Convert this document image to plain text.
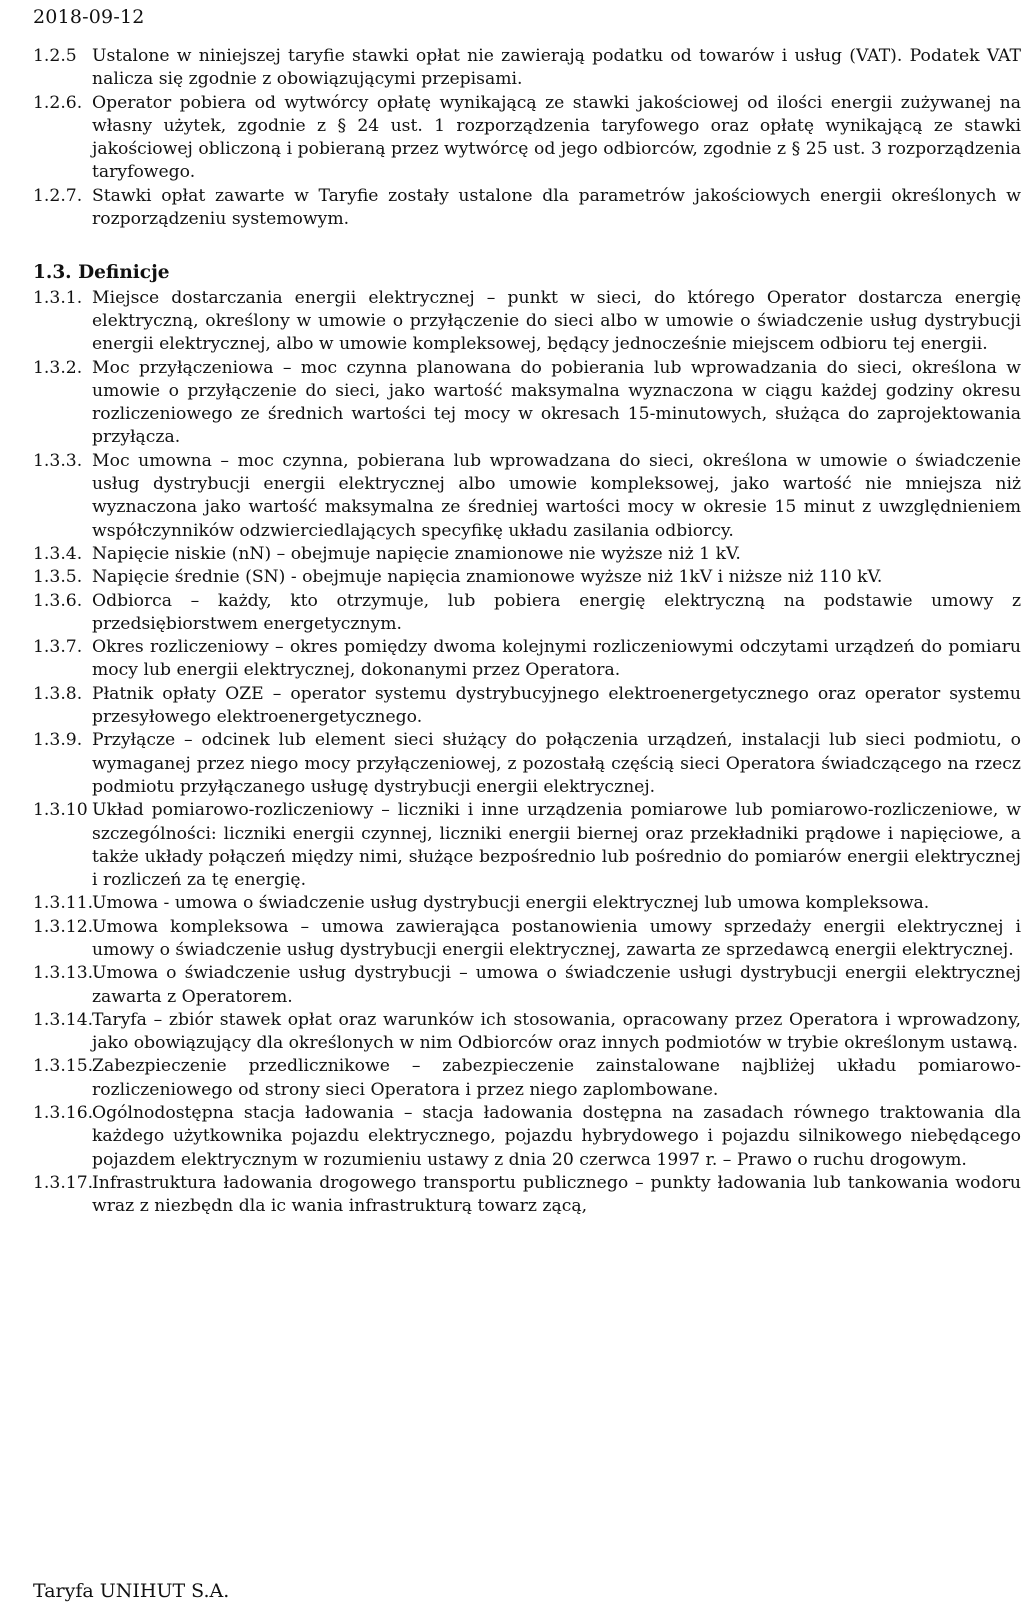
2018-09-12
1.2.5 Ustalone w niniejszej taryfie stawki opłat nie zawierają podatku od towarów i usług (VAT). Podatek VAT nalicza się zgodnie z obowiązującymi przepisami.
1.2.6. Operator pobiera od wytwórcy opłatę wynikającą ze stawki jakościowej od ilości energii zużywanej na własny użytek, zgodnie z § 24 ust. 1 rozporządzenia taryfowego oraz opłatę wynikającą ze stawki jakościowej obliczoną i pobieraną przez wytwórcę od jego odbiorców, zgodnie z § 25 ust. 3 rozporządzenia taryfowego.
1.2.7. Stawki opłat zawarte w Taryfie zostały ustalone dla parametrów jakościowych energii określonych w rozporządzeniu systemowym.
1.3. Definicje
1.3.1. Miejsce dostarczania energii elektrycznej – punkt w sieci, do którego Operator dostarcza energię elektryczną, określony w umowie o przyłączenie do sieci albo w umowie o świadczenie usług dystrybucji energii elektrycznej, albo w umowie kompleksowej, będący jednocześnie miejscem odbioru tej energii.
1.3.2. Moc przyłączeniowa – moc czynna planowana do pobierania lub wprowadzania do sieci, określona w umowie o przyłączenie do sieci, jako wartość maksymalna wyznaczona w ciągu każdej godziny okresu rozliczeniowego ze średnich wartości tej mocy w okresach 15-minutowych, służąca do zaprojektowania przyłącza.
1.3.3. Moc umowna – moc czynna, pobierana lub wprowadzana do sieci, określona w umowie o świadczenie usług dystrybucji energii elektrycznej albo umowie kompleksowej, jako wartość nie mniejsza niż wyznaczona jako wartość maksymalna ze średniej wartości mocy w okresie 15 minut z uwzględnieniem współczynników odzwierciedlających specyfikę układu zasilania odbiorcy.
1.3.4. Napięcie niskie (nN) – obejmuje napięcie znamionowe nie wyższe niż 1 kV.
1.3.5. Napięcie średnie (SN) - obejmuje napięcia znamionowe wyższe niż 1kV i niższe niż 110 kV.
1.3.6. Odbiorca – każdy, kto otrzymuje, lub pobiera energię elektryczną na podstawie umowy z przedsiębiorstwem energetycznym.
1.3.7. Okres rozliczeniowy – okres pomiędzy dwoma kolejnymi rozliczeniowymi odczytami urządzeń do pomiaru mocy lub energii elektrycznej, dokonanymi przez Operatora.
1.3.8. Płatnik opłaty OZE – operator systemu dystrybucyjnego elektroenergetycznego oraz operator systemu przesyłowego elektroenergetycznego.
1.3.9. Przyłącze – odcinek lub element sieci służący do połączenia urządzeń, instalacji lub sieci podmiotu, o wymaganej przez niego mocy przyłączeniowej, z pozostałą częścią sieci Operatora świadczącego na rzecz podmiotu przyłączanego usługę dystrybucji energii elektrycznej.
1.3.10 Układ pomiarowo-rozliczeniowy – liczniki i inne urządzenia pomiarowe lub pomiarowo-rozliczeniowe, w szczególności: liczniki energii czynnej, liczniki energii biernej oraz przekładniki prądowe i napięciowe, a także układy połączeń między nimi, służące bezpośrednio lub pośrednio do pomiarów energii elektrycznej i rozliczeń za tę energię.
1.3.11.
Umowa - umowa o świadczenie usług dystrybucji energii elektrycznej lub umowa kompleksowa.
1.3.12.
Umowa kompleksowa – umowa zawierająca postanowienia umowy sprzedaży energii elektrycznej i umowy o świadczenie usług dystrybucji energii elektrycznej, zawarta ze sprzedawcą energii elektrycznej.
1.3.13.
Umowa o świadczenie usług dystrybucji – umowa o świadczenie usługi dystrybucji energii elektrycznej zawarta z Operatorem.
1.3.14.
Taryfa – zbiór stawek opłat oraz warunków ich stosowania, opracowany przez Operatora i wprowadzony, jako obowiązujący dla określonych w nim Odbiorców oraz innych podmiotów w trybie określonym ustawą.
1.3.15.
Zabezpieczenie przedlicznikowe – zabezpieczenie zainstalowane najbliżej układu pomiarowo-rozliczeniowego od strony sieci Operatora i przez niego zaplombowane.
1.3.16.
Ogólnodostępna stacja ładowania – stacja ładowania dostępna na zasadach równego traktowania dla każdego użytkownika pojazdu elektrycznego, pojazdu hybrydowego i pojazdu silnikowego niebędącego pojazdem elektrycznym w rozumieniu ustawy z dnia 20 czerwca 1997 r. – Prawo o ruchu drogowym.
1.3.17.
Infrastruktura ładowania drogowego transportu publicznego – punkty ładowania lub tankowania wodoru wraz z niezbędn dla ic wania infrastrukturą towarz zącą,
Taryfa UNIHUT S.A.
